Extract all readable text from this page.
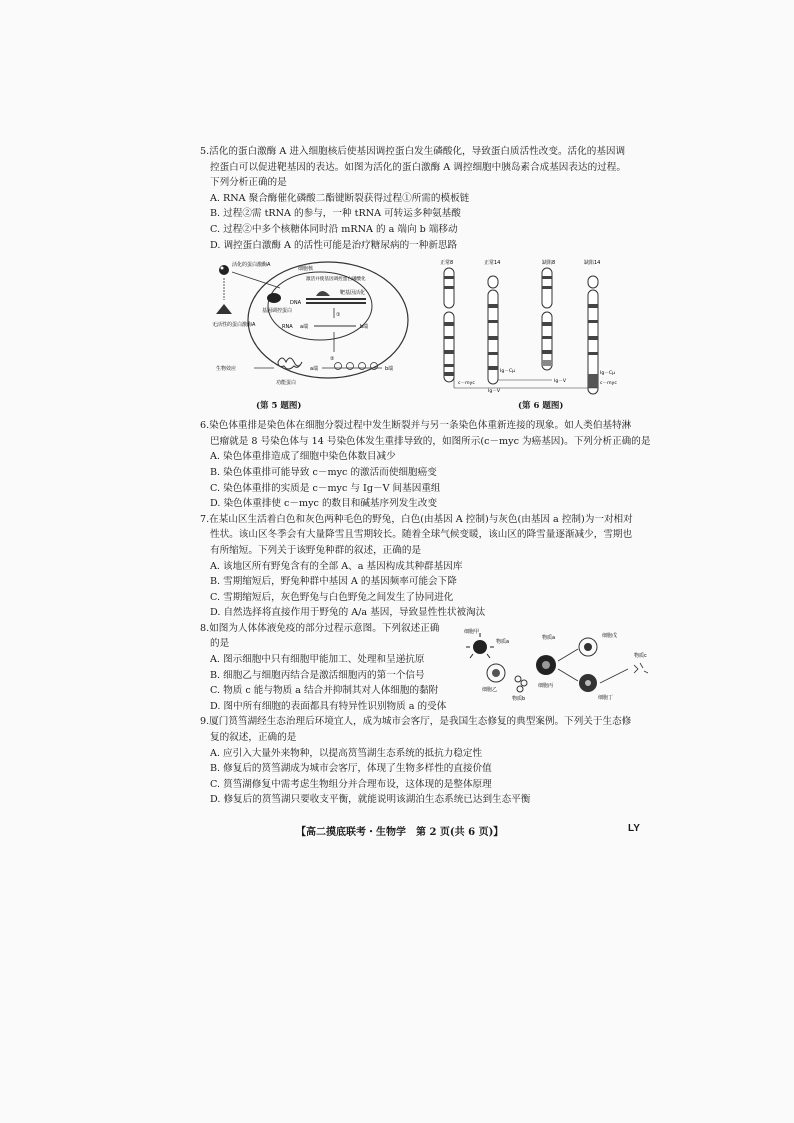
5.活化的蛋白激酶 A 进入细胞核后使基因调控蛋白发生磷酸化，导致蛋白质活性改变。活化的基因调

控蛋白可以促进靶基因的表达。如图为活化的蛋白激酶 A 调控细胞中胰岛素合成基因表达的过程。
下列分析正确的是
A. RNA 聚合酶催化磷酸二酯键断裂获得过程①所需的模板链
B. 过程②需 tRNA 的参与，一种 tRNA 可转运多种氨基酸
C. 过程②中多个核糖体同时沿 mRNA 的 a 端向 b 端移动
D. 调控蛋白激酶 A 的活性可能是治疗糖尿病的一种新思路
活化的蛋白激酶A
无活性的蛋白激酶A
细胞核
激活并使基因调控蛋白磷酸化
基因调控蛋白
DNA
靶基因活化
①
RNA a端	b端
②
a端	b端
功能蛋白
生物效应
(第 5 题图)
正常8	正常14	缺陷8	缺陷14
c－myc
Ig－Cμ
Ig－V
Ig－V
Ig－Cμ
c－myc
(第 6 题图)

6.染色体重排是染色体在细胞分裂过程中发生断裂并与另一条染色体重新连接的现象。如人类伯基特淋

巴瘤就是 8 号染色体与 14 号染色体发生重排导致的，如图所示(c－myc 为癌基因)。下列分析正确的是
A. 染色体重排造成了细胞中染色体数目减少
B. 染色体重排可能导致 c－myc 的激活而使细胞癌变
C. 染色体重排的实质是 c－myc 与 Ig－V 间基因重组
D. 染色体重排使 c－myc 的数目和碱基序列发生改变

7.在某山区生活着白色和灰色两种毛色的野兔，白色(由基因 A 控制)与灰色(由基因 a 控制)为一对相对

性状。该山区冬季会有大量降雪且雪期较长。随着全球气候变暖，该山区的降雪量逐渐减少，雪期也
有所缩短。下列关于该野兔种群的叙述，正确的是
A. 该地区所有野兔含有的全部 A、a 基因构成其种群基因库
B. 雪期缩短后，野兔种群中基因 A 的基因频率可能会下降
C. 雪期缩短后，灰色野兔与白色野兔之间发生了协同进化
D. 自然选择将直接作用于野兔的 A/a 基因，导致显性性状被淘汰

8.如图为人体体液免疫的部分过程示意图。下列叙述正确

的是
A. 图示细胞中只有细胞甲能加工、处理和呈递抗原
B. 细胞乙与细胞丙结合是激活细胞丙的第一个信号
C. 物质 c 能与物质 a 结合并抑制其对人体细胞的黏附
D. 图中所有细胞的表面都具有特异性识别物质 a 的受体
细胞甲
物质a
物质a
细胞乙
细胞丙
物质b
细胞戊
细胞丁
物质c

9.厦门筼筜湖经生态治理后环境宜人，成为城市会客厅，是我国生态修复的典型案例。下列关于生态修

复的叙述，正确的是
A. 应引入大量外来物种，以提高筼筜湖生态系统的抵抗力稳定性
B. 修复后的筼筜湖成为城市会客厅，体现了生物多样性的直接价值
C. 筼筜湖修复中需考虑生物组分并合理布设，这体现的是整体原理
D. 修复后的筼筜湖只要收支平衡，就能说明该湖泊生态系统已达到生态平衡
【高二摸底联考・生物学　第 2 页(共 6 页)】	LY
